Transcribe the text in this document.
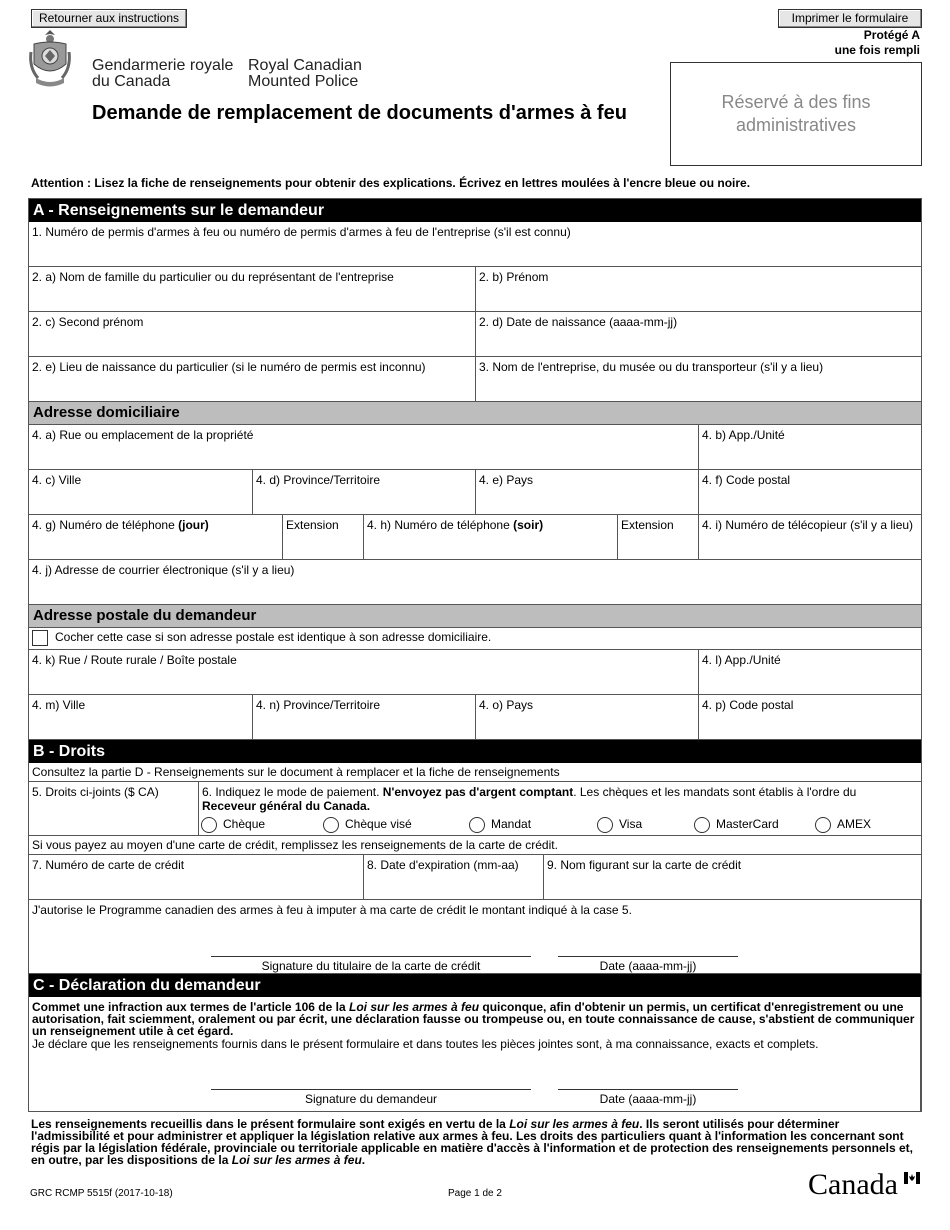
Retourner aux instructions	Imprimer le formulaire
Protégé A
une fois rempli
Gendarmerie royale
du Canada
Royal Canadian
Mounted Police
Demande de remplacement de documents d'armes à feu	Réservé à des fins administratives
Attention : Lisez la fiche de renseignements pour obtenir des explications. Écrivez en lettres moulées à l'encre bleue ou noire.
A - Renseignements sur le demandeur
1. Numéro de permis d'armes à feu ou numéro de permis d'armes à feu de l'entreprise (s'il est connu)
2. a) Nom de famille du particulier ou du représentant de l'entreprise	2. b) Prénom
2. c) Second prénom	2. d) Date de naissance (aaaa-mm-jj)
2. e) Lieu de naissance du particulier (si le numéro de permis est inconnu)	3. Nom de l'entreprise, du musée ou du transporteur (s'il y a lieu)
Adresse domiciliaire
4. a) Rue ou emplacement de la propriété	4. b) App./Unité
4. c) Ville	4. d) Province/Territoire	4. e) Pays	4. f) Code postal
4. g) Numéro de téléphone (jour)	Extension	4. h) Numéro de téléphone (soir)	Extension	4. i) Numéro de télécopieur (s'il y a lieu)
4. j) Adresse de courrier électronique (s'il y a lieu)
Adresse postale du demandeur
Cocher cette case si son adresse postale est identique à son adresse domiciliaire.
4. k) Rue / Route rurale / Boîte postale	4. l) App./Unité
4. m) Ville	4. n) Province/Territoire	4. o) Pays	4. p) Code postal
B - Droits
Consultez la partie D - Renseignements sur le document à remplacer et la fiche de renseignements
5. Droits ci-joints ($ CA)	6. Indiquez le mode de paiement. N'envoyez pas d'argent comptant. Les chèques et les mandats sont établis à l'ordre du
Receveur général du Canada.
Chèque	Chèque visé	Mandat	Visa	MasterCard	AMEX
Si vous payez au moyen d'une carte de crédit, remplissez les renseignements de la carte de crédit.
7. Numéro de carte de crédit	8. Date d'expiration (mm-aa)	9. Nom figurant sur la carte de crédit
J'autorise le Programme canadien des armes à feu à imputer à ma carte de crédit le montant indiqué à la case 5.
Signature du titulaire de la carte de crédit	Date (aaaa-mm-jj)
C - Déclaration du demandeur
Commet une infraction aux termes de l'article 106 de la Loi sur les armes à feu quiconque, afin d'obtenir un permis, un certificat d'enregistrement ou une autorisation, fait sciemment, oralement ou par écrit, une déclaration fausse ou trompeuse ou, en toute connaissance de cause, s'abstient de communiquer un renseignement utile à cet égard.
Je déclare que les renseignements fournis dans le présent formulaire et dans toutes les pièces jointes sont, à ma connaissance, exacts et complets.
Signature du demandeur	Date (aaaa-mm-jj)
Les renseignements recueillis dans le présent formulaire sont exigés en vertu de la Loi sur les armes à feu. Ils seront utilisés pour déterminer l'admissibilité et pour administrer et appliquer la législation relative aux armes à feu. Les droits des particuliers quant à l'information les concernant sont régis par la législation fédérale, provinciale ou territoriale applicable en matière d'accès à l'information et de protection des renseignements personnels et, en outre, par les dispositions de la Loi sur les armes à feu.
GRC RCMP 5515f (2017-10-18)	Page 1 de 2	Canada
